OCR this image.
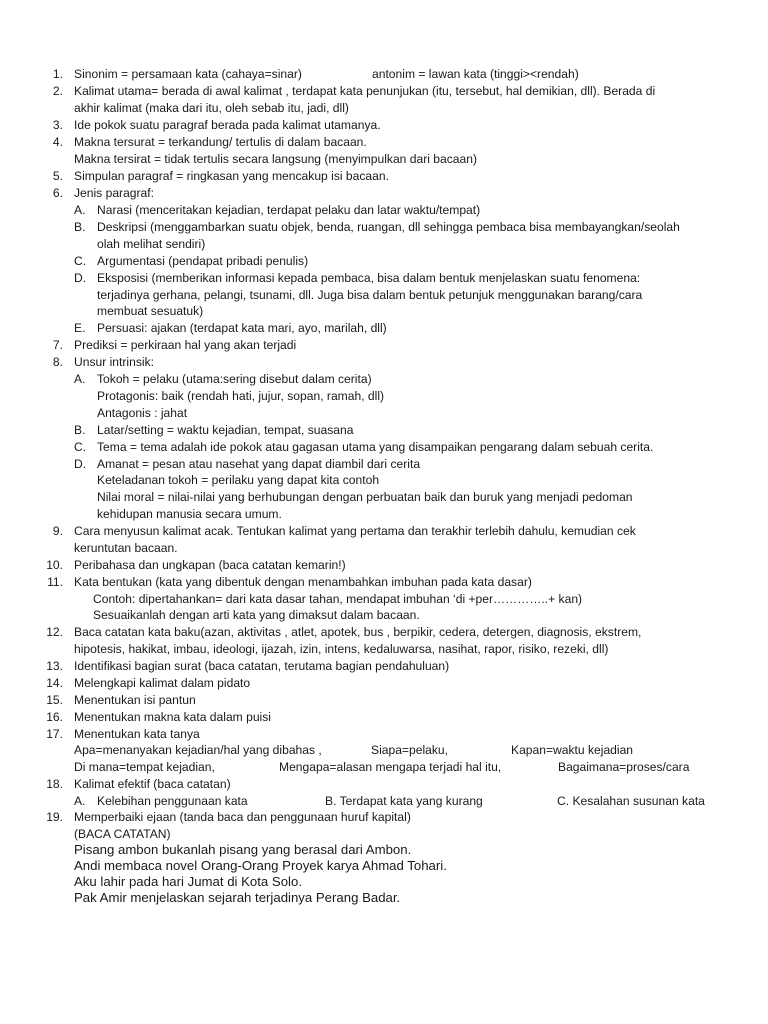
1. Sinonim = persamaan kata (cahaya=sinar)	antonim = lawan kata (tinggi><rendah)
2. Kalimat utama= berada di awal kalimat , terdapat kata penunjukan (itu, tersebut, hal demikian, dll). Berada di
akhir kalimat (maka dari itu, oleh sebab itu, jadi, dll)
3. Ide pokok suatu paragraf berada pada kalimat utamanya.
4. Makna tersurat = terkandung/ tertulis di dalam bacaan.
Makna tersirat = tidak tertulis secara langsung (menyimpulkan dari bacaan)
5. Simpulan paragraf = ringkasan yang mencakup isi bacaan.
6. Jenis paragraf:
A. Narasi (menceritakan kejadian, terdapat pelaku dan latar waktu/tempat)
B. Deskripsi (menggambarkan suatu objek, benda, ruangan, dll sehingga pembaca bisa membayangkan/seolah
olah melihat sendiri)
C. Argumentasi (pendapat pribadi penulis)
D. Eksposisi (memberikan informasi kepada pembaca, bisa dalam bentuk menjelaskan suatu fenomena:
terjadinya gerhana, pelangi, tsunami, dll. Juga bisa dalam bentuk petunjuk menggunakan barang/cara
membuat sesuatuk)
E. Persuasi: ajakan (terdapat kata mari, ayo, marilah, dll)
7. Prediksi = perkiraan hal yang akan terjadi
8. Unsur intrinsik:
A. Tokoh = pelaku (utama:sering disebut dalam cerita)
Protagonis: baik (rendah hati, jujur, sopan, ramah, dll)
Antagonis : jahat
B. Latar/setting = waktu kejadian, tempat, suasana
C. Tema = tema adalah ide pokok atau gagasan utama yang disampaikan pengarang dalam sebuah cerita.
D. Amanat = pesan atau nasehat yang dapat diambil dari cerita
Keteladanan tokoh = perilaku yang dapat kita contoh
Nilai moral = nilai-nilai yang berhubungan dengan perbuatan baik dan buruk yang menjadi pedoman
kehidupan manusia secara umum.
9. Cara menyusun kalimat acak. Tentukan kalimat yang pertama dan terakhir terlebih dahulu, kemudian cek
keruntutan bacaan.
10. Peribahasa dan ungkapan (baca catatan kemarin!)
11. Kata bentukan (kata yang dibentuk dengan menambahkan imbuhan pada kata dasar)
Contoh: dipertahankan= dari kata dasar tahan, mendapat imbuhan ‘di +per…………..+ kan)
Sesuaikanlah dengan arti kata yang dimaksut dalam bacaan.
12. Baca catatan kata baku(azan, aktivitas , atlet, apotek, bus , berpikir, cedera, detergen, diagnosis, ekstrem,
hipotesis, hakikat, imbau, ideologi, ijazah, izin, intens, kedaluwarsa, nasihat, rapor, risiko, rezeki, dll)
13. Identifikasi bagian surat (baca catatan, terutama bagian pendahuluan)
14. Melengkapi kalimat dalam pidato
15. Menentukan isi pantun
16. Menentukan makna kata dalam puisi
17. Menentukan kata tanya
Apa=menanyakan kejadian/hal yang dibahas ,	Siapa=pelaku,	Kapan=waktu kejadian
Di mana=tempat kejadian,	Mengapa=alasan mengapa terjadi hal itu,	Bagaimana=proses/cara
18. Kalimat efektif (baca catatan)
A. Kelebihan penggunaan kata	B. Terdapat kata yang kurang	C. Kesalahan susunan kata
19. Memperbaiki ejaan (tanda baca dan penggunaan huruf kapital)
(BACA CATATAN)
Pisang ambon bukanlah pisang yang berasal dari Ambon.
Andi membaca novel Orang-Orang Proyek karya Ahmad Tohari.
Aku lahir pada hari Jumat di Kota Solo.
Pak Amir menjelaskan sejarah terjadinya Perang Badar.
